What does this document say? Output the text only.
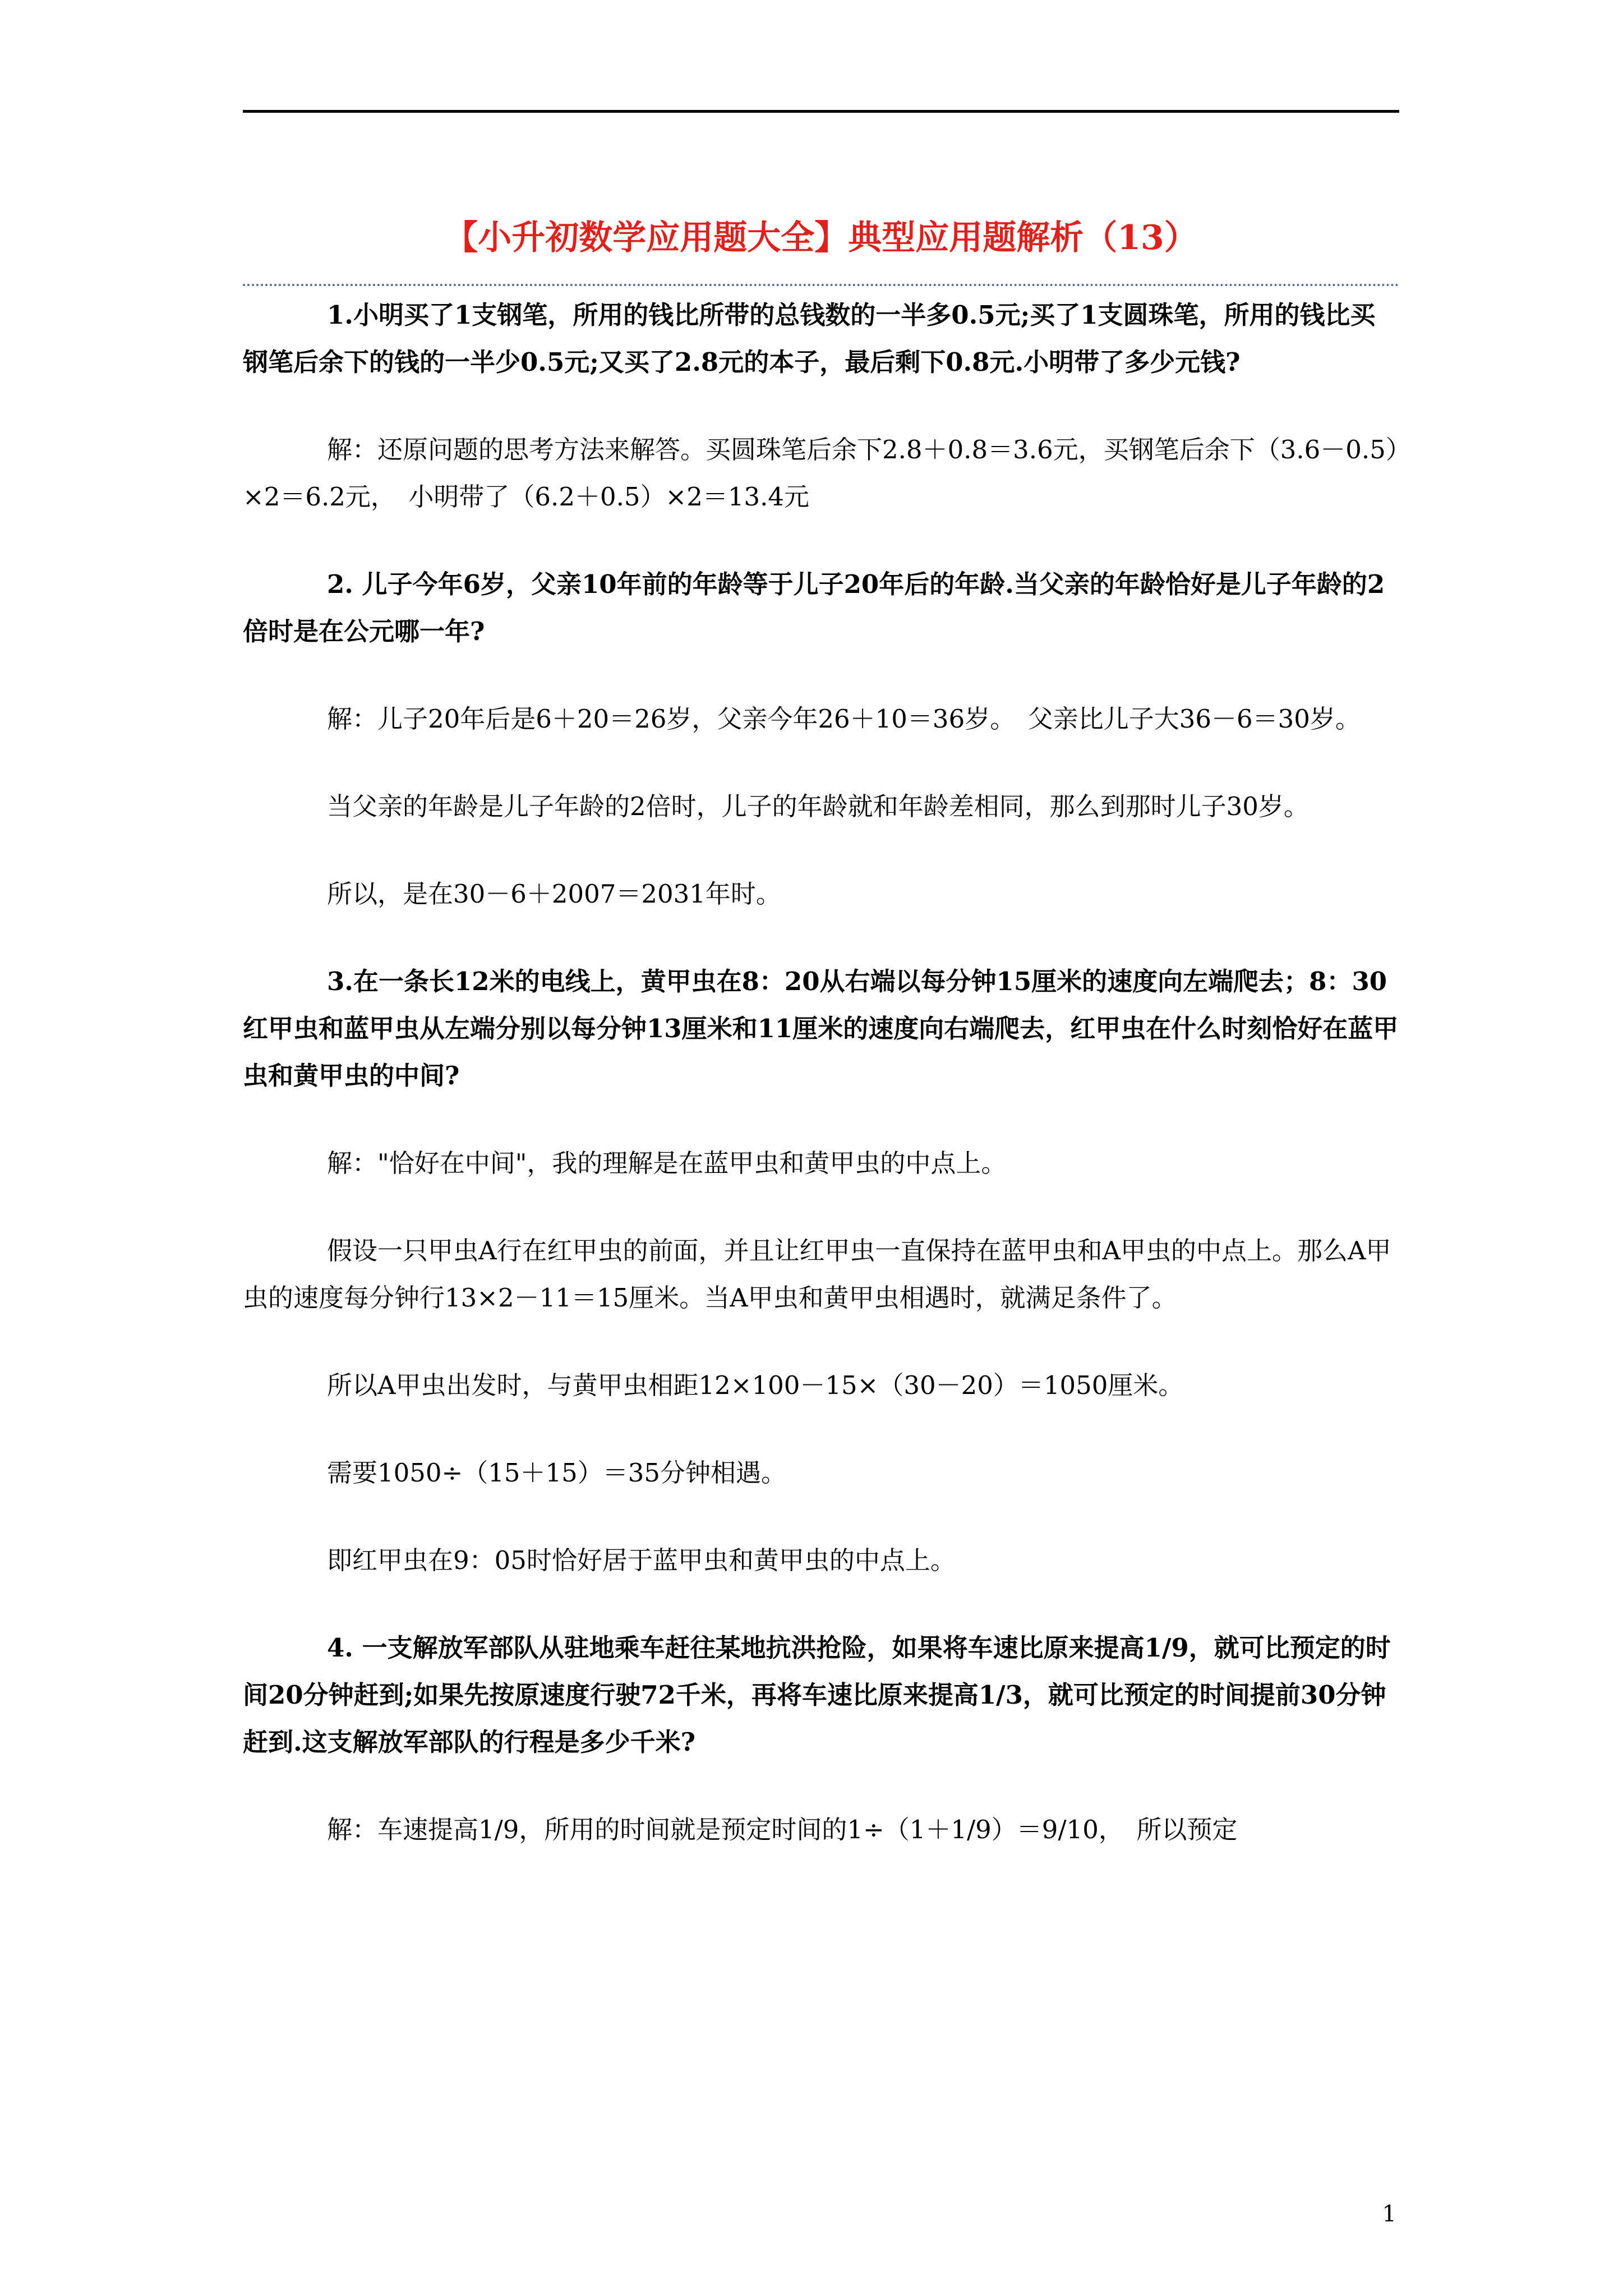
【小升初数学应用题大全】典型应用题解析（13）

1.小明买了1支钢笔，所用的钱比所带的总钱数的一半多0.5元;买了1支圆珠笔，所用的钱比买钢笔后余下的钱的一半少0.5元;又买了2.8元的本子，最后剩下0.8元.小明带了多少元钱?

解：还原问题的思考方法来解答。买圆珠笔后余下2.8＋0.8＝3.6元，买钢笔后余下（3.6－0.5）×2＝6.2元，　小明带了（6.2＋0.5）×2＝13.4元

2. 儿子今年6岁，父亲10年前的年龄等于儿子20年后的年龄.当父亲的年龄恰好是儿子年龄的2倍时是在公元哪一年?

解：儿子20年后是6＋20＝26岁，父亲今年26＋10＝36岁。　父亲比儿子大36－6＝30岁。

当父亲的年龄是儿子年龄的2倍时，儿子的年龄就和年龄差相同，那么到那时儿子30岁。

所以，是在30－6＋2007＝2031年时。

3.在一条长12米的电线上，黄甲虫在8：20从右端以每分钟15厘米的速度向左端爬去；8：30红甲虫和蓝甲虫从左端分别以每分钟13厘米和11厘米的速度向右端爬去，红甲虫在什么时刻恰好在蓝甲虫和黄甲虫的中间?

解："恰好在中间"，我的理解是在蓝甲虫和黄甲虫的中点上。

假设一只甲虫A行在红甲虫的前面，并且让红甲虫一直保持在蓝甲虫和A甲虫的中点上。那么A甲虫的速度每分钟行13×2－11＝15厘米。当A甲虫和黄甲虫相遇时，就满足条件了。

所以A甲虫出发时，与黄甲虫相距12×100－15×（30－20）＝1050厘米。

需要1050÷（15＋15）＝35分钟相遇。

即红甲虫在9：05时恰好居于蓝甲虫和黄甲虫的中点上。

4. 一支解放军部队从驻地乘车赶往某地抗洪抢险，如果将车速比原来提高1/9，就可比预定的时间20分钟赶到;如果先按原速度行驶72千米，再将车速比原来提高1/3，就可比预定的时间提前30分钟赶到.这支解放军部队的行程是多少千米?

解：车速提高1/9，所用的时间就是预定时间的1÷（1＋1/9）＝9/10，　所以预定

1
